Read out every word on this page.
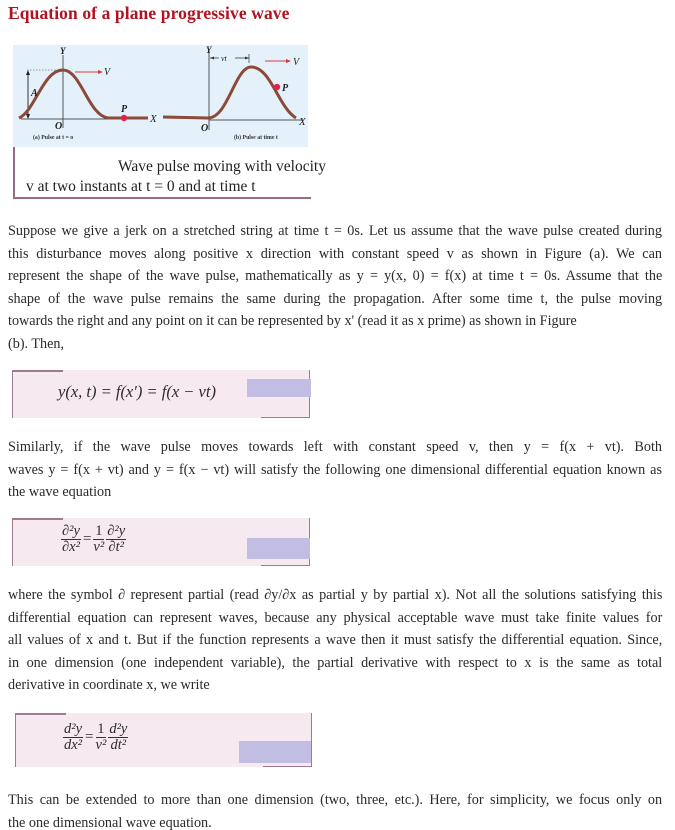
Equation of a plane progressive wave
Y
V
A
O
X
P
(a) Pulse at t = o
Y
vt	V
O
X
P
(b) Pulse at time t
Wave pulse moving with velocity
v at two instants at t = 0 and at time t
Suppose we give a jerk on a stretched string at time t = 0s. Let us assume that the wave pulse created during
this disturbance moves along positive x direction with constant speed v as shown in Figure (a). We can
represent the shape of the wave pulse, mathematically as y = y(x, 0) = f(x) at time t = 0s. Assume that the
shape of the wave pulse remains the same during the propagation. After some time t, the pulse moving
towards the right and any point on it can be represented by x' (read it as x prime) as shown in Figure
(b). Then,
y(x, t) = f(x′) = f(x − vt)
Similarly, if the wave pulse moves towards left with constant speed v, then y = f(x + vt). Both
waves y = f(x + vt) and y = f(x − vt) will satisfy the following one dimensional differential equation known as
the wave equation
$\frac{\text{∂²y}}{\text{∂x²}} = \frac{1}{\text{v²}} \frac{\text{∂²y}}{\text{∂t²}}$
where the symbol ∂ represent partial (read ∂y/∂x as partial y by partial x). Not all the solutions satisfying this
differential equation can represent waves, because any physical acceptable wave must take finite values for
all values of x and t. But if the function represents a wave then it must satisfy the differential equation. Since,
in one dimension (one independent variable), the partial derivative with respect to x is the same as total
derivative in coordinate x, we write
$\frac{\text{d²y}}{\text{dx²}} = \frac{1}{\text{v²}} \frac{\text{d²y}}{\text{dt²}}$
This can be extended to more than one dimension (two, three, etc.). Here, for simplicity, we focus only on
the one dimensional wave equation.
